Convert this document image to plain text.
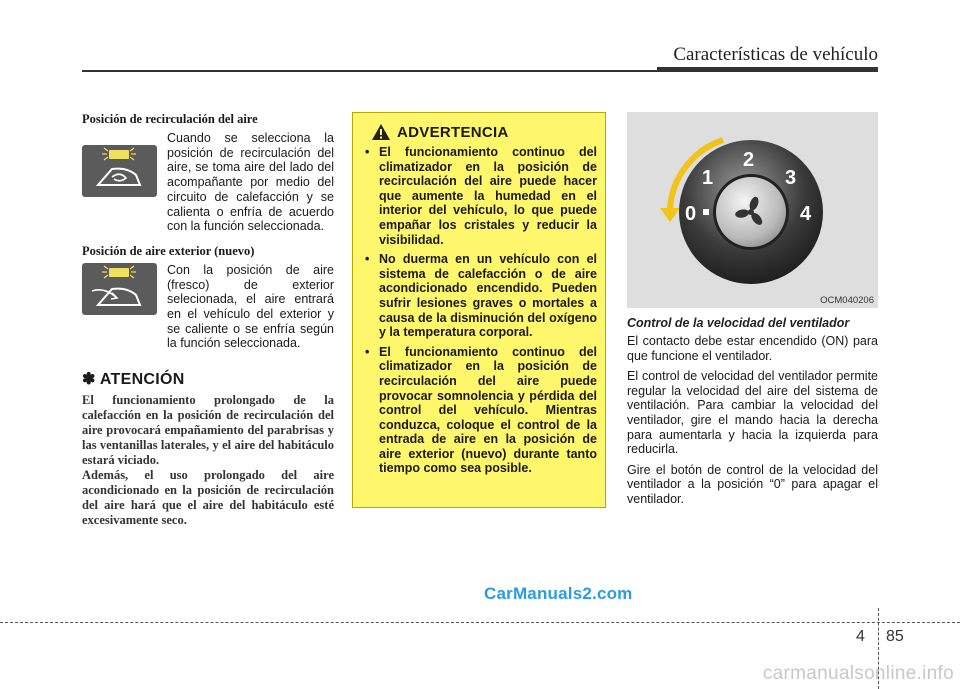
Características de vehículo
Posición de recirculación del aire
Cuando se selecciona la posición de recirculación del aire, se toma aire del lado del acompañante por medio del circuito de calefacción y se calienta o enfría de acuerdo con la función seleccionada.
Posición de aire exterior (nuevo)
Con la posición de aire (fresco) de exterior selecionada, el aire entrará en el vehículo del exterior y se caliente o se enfría según la función seleccionada.
✽ ATENCIÓN

El funcionamiento prolongado de la calefacción en la posición de recirculación del aire provocará empañamiento del parabrisas y las ventanillas laterales, y el aire del habitáculo estará viciado.

Además, el uso prolongado del aire acondicionado en la posición de recirculación del aire hará que el aire del habitáculo esté excesivamente seco.

ADVERTENCIA
• El funcionamiento continuo del climatizador en la posición de recirculación del aire puede hacer que aumente la humedad en el interior del vehículo, lo que puede empañar los cristales y reducir la visibilidad.
• No duerma en un vehículo con el sistema de calefacción o de aire acondicionado encendido. Pueden sufrir lesiones graves o mortales a causa de la disminución del oxígeno y la temperatura corporal.
• El funcionamiento continuo del climatizador en la posición de recirculación del aire puede provocar somnolencia y pérdida del control del vehículo. Mientras conduzca, coloque el control de la entrada de aire en la posición de aire exterior (nuevo) durante tanto tiempo como sea posible.
0
1
2
3
4
OCM040206
Control de la velocidad del ventilador

El contacto debe estar encendido (ON) para que funcione el ventilador.

El control de velocidad del ventilador permite regular la velocidad del aire del sistema de ventilación. Para cambiar la velocidad del ventilador, gire el mando hacia la derecha para aumentarla y hacia la izquierda para reducirla.

Gire el botón de control de la velocidad del ventilador a la posición “0” para apagar el ventilador.

CarManuals2.com
4 85
carmanualsonline.info
